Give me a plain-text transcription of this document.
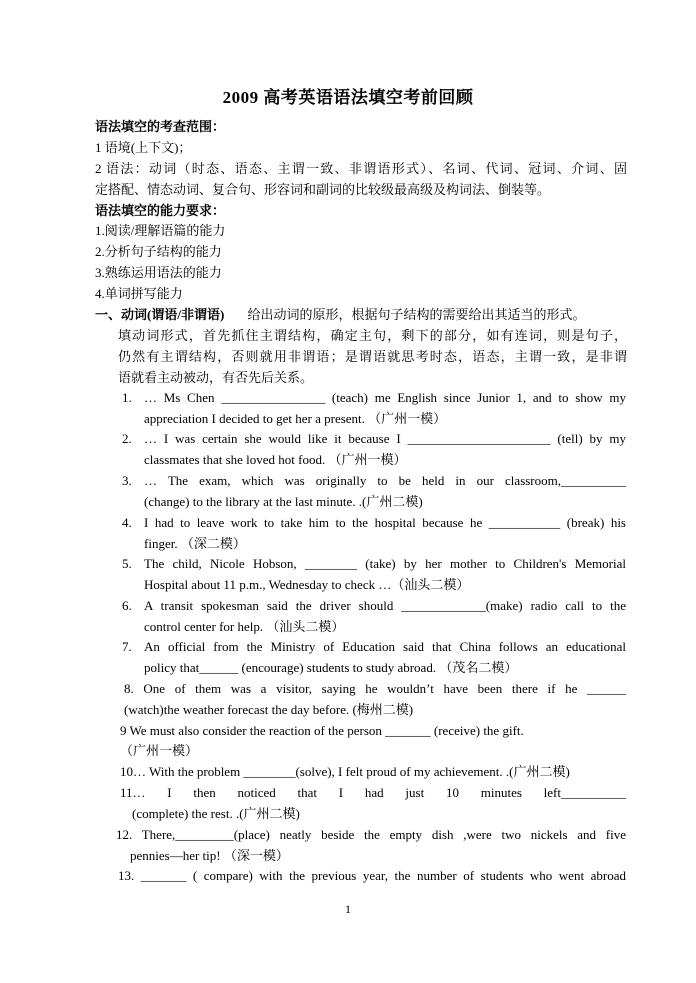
2009 高考英语语法填空考前回顾
语法填空的考查范围：
1 语境(上下文)；
2 语法：动词（时态、语态、主谓一致、非谓语形式）、名词、代词、冠词、介词、固
定搭配、情态动词、复合句、形容词和副词的比较级最高级及构词法、倒装等。
语法填空的能力要求：
1.阅读/理解语篇的能力
2.分析句子结构的能力
3.熟练运用语法的能力
4.单词拼写能力
一、动词(谓语/非谓语) 给出动词的原形，根据句子结构的需要给出其适当的形式。
填动词形式，首先抓住主谓结构，确定主句，剩下的部分，如有连词，则是句子，
仍然有主谓结构，否则就用非谓语；是谓语就思考时态，语态，主谓一致，是非谓
语就看主动被动，有否先后关系。
1. … Ms Chen ________________ (teach) me English since Junior 1, and to show my
appreciation I decided to get her a present. （广州一模）
2. … I was certain she would like it because I ______________________ (tell) by my
classmates that she loved hot food. （广州一模）
3. … The exam, which was originally to be held in our classroom,__________
(change) to the library at the last minute. .(广州二模)
4. I had to leave work to take him to the hospital because he ___________ (break) his
finger. （深二模）
5. The child, Nicole Hobson, ________ (take) by her mother to Children's Memorial
Hospital about 11 p.m., Wednesday to check …（汕头二模）
6. A transit spokesman said the driver should _____________(make) radio call to the
control center for help. （汕头二模）
7. An official from the Ministry of Education said that China follows an educational
policy that______ (encourage) students to study abroad. （茂名二模）
8. One of them was a visitor, saying he wouldn’t have been there if he ______
(watch)the weather forecast the day before. (梅州二模)
9 We must also consider the reaction of the person _______ (receive) the gift.
（广州一模）
10… With the problem ________(solve), I felt proud of my achievement. .(广州二模)
11… I then noticed that I had just 10 minutes left__________
(complete) the rest. .(广州二模)
12. There,_________(place) neatly beside the empty dish ,were two nickels and five
pennies—her tip! （深一模）
13. _______ ( compare) with the previous year, the number of students who went abroad
1
